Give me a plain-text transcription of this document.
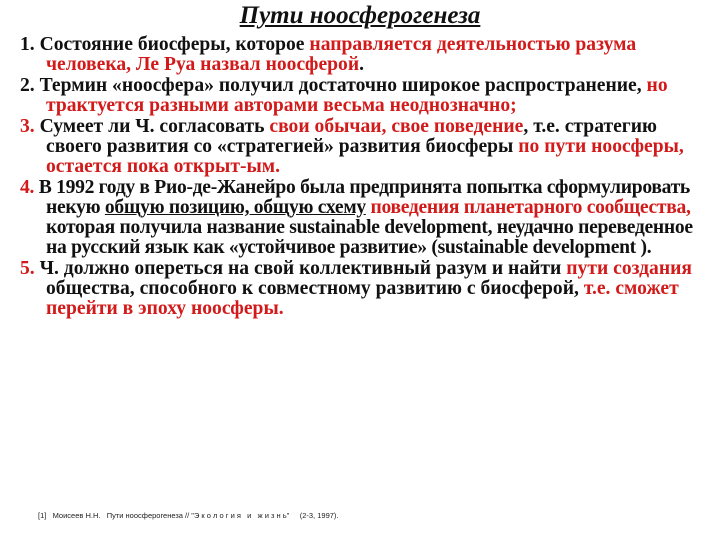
Пути ноосферогенеза
1. Состояние биосферы, которое направляется деятельностью разума человека, Ле Руа назвал ноосферой.
2. Термин «ноосфера» получил достаточно широкое распространение, но трактуется разными авторами весьма неоднозначно;
3. Сумеет ли Ч. согласовать свои обычаи, свое поведение, т.е. стратегию своего развития со «стратегией» развития биосферы по пути ноосферы, остается пока открыт-ым.
4. В 1992 году в Рио-де-Жанейро была предпринята попытка сформулировать некую общую позицию, общую схему поведения планетарного сообщества, которая получила название sustainable development, неудачно переведенное на русский язык как «устойчивое развитие» (sustainable development ).
5. Ч. должно опереться на свой коллективный разум и найти пути создания общества, способного к совместному развитию с биосферой, т.е. сможет перейти в эпоху ноосферы.
[1]   Моисеев Н.Н.   Пути ноосферогенеза // "Э к о л о г и я   и   ж и з н ь"     (2-3, 1997).
